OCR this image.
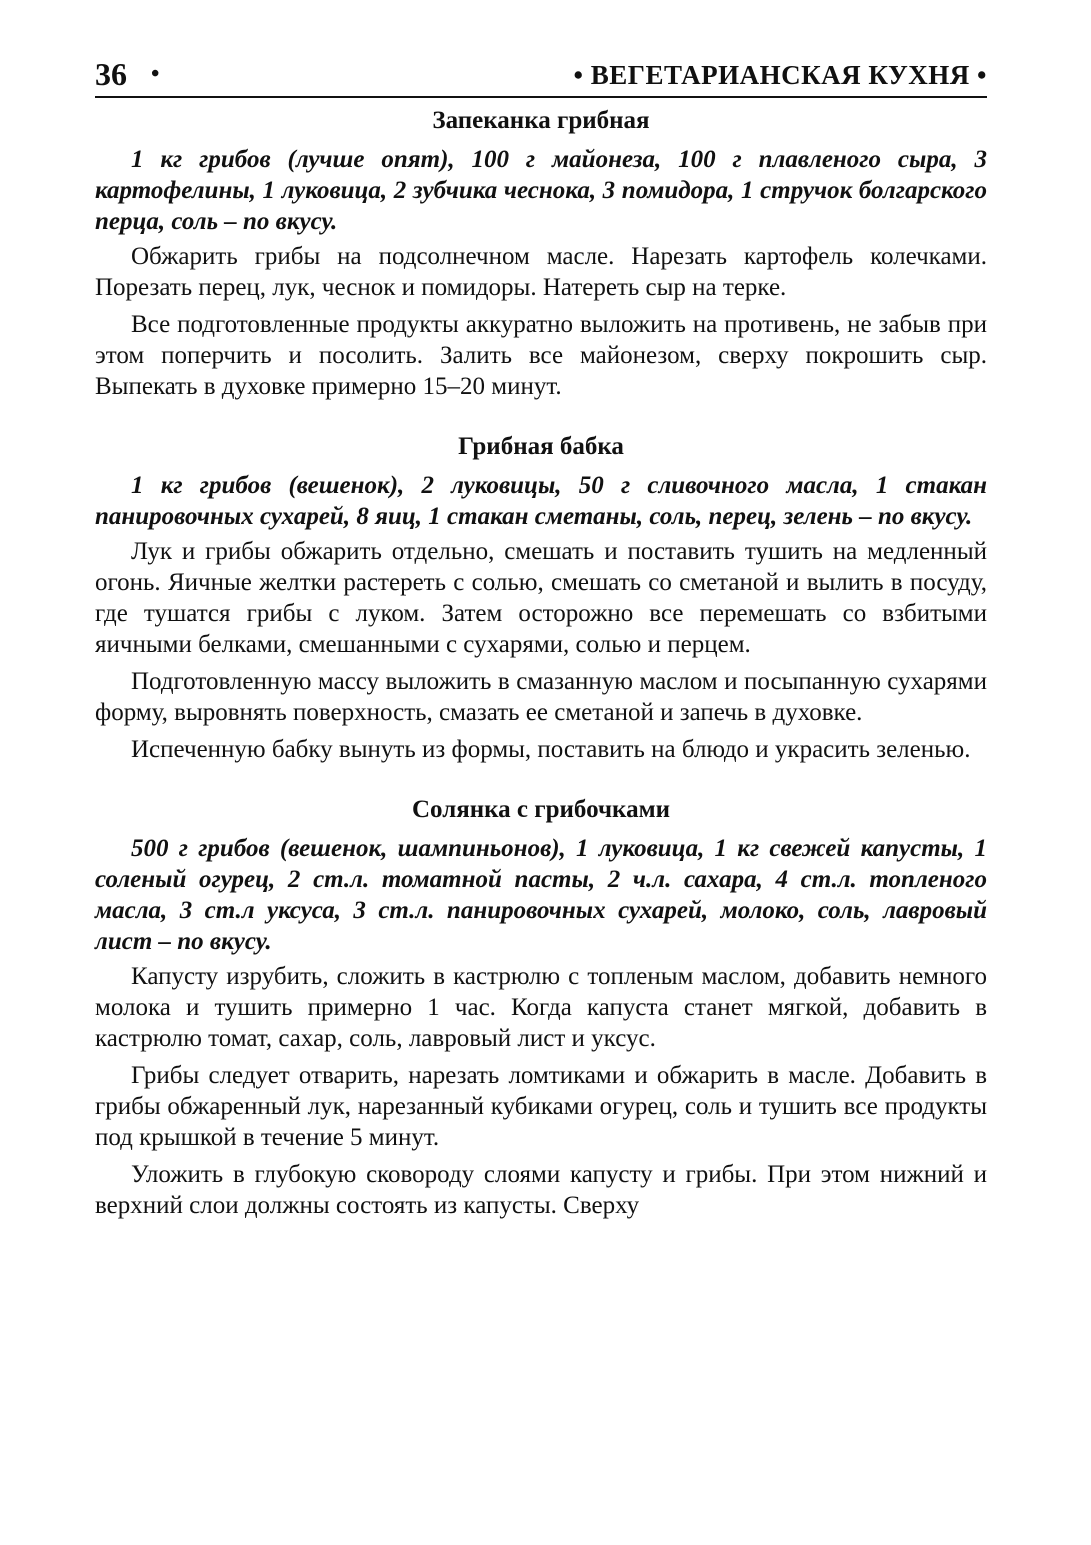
36 •	• ВЕГЕТАРИАНСКАЯ КУХНЯ •
Запеканка грибная

1 кг грибов (лучше опят), 100 г майонеза, 100 г плавленого сыра, 3 картофелины, 1 луковица, 2 зубчика чеснока, 3 помидора, 1 стручок болгарского перца, соль – по вкусу.

Обжарить грибы на подсолнечном масле. Нарезать картофель колечками. Порезать перец, лук, чеснок и помидоры. Натереть сыр на терке.

Все подготовленные продукты аккуратно выложить на противень, не забыв при этом поперчить и посолить. Залить все майонезом, сверху покрошить сыр. Выпекать в духовке примерно 15–20 минут.

Грибная бабка

1 кг грибов (вешенок), 2 луковицы, 50 г сливочного масла, 1 стакан панировочных сухарей, 8 яиц, 1 стакан сметаны, соль, перец, зелень – по вкусу.

Лук и грибы обжарить отдельно, смешать и поставить тушить на медленный огонь. Яичные желтки растереть с солью, смешать со сметаной и вылить в посуду, где тушатся грибы с луком. Затем осторожно все перемешать со взбитыми яичными белками, смешанными с сухарями, солью и перцем.

Подготовленную массу выложить в смазанную маслом и посыпанную сухарями форму, выровнять поверхность, смазать ее сметаной и запечь в духовке.

Испеченную бабку вынуть из формы, поставить на блюдо и украсить зеленью.

Солянка с грибочками

500 г грибов (вешенок, шампиньонов), 1 луковица, 1 кг свежей капусты, 1 соленый огурец, 2 ст.л. томатной пасты, 2 ч.л. сахара, 4 ст.л. топленого масла, 3 ст.л уксуса, 3 ст.л. панировочных сухарей, молоко, соль, лавровый лист – по вкусу.

Капусту изрубить, сложить в кастрюлю с топленым маслом, добавить немного молока и тушить примерно 1 час. Когда капуста станет мягкой, добавить в кастрюлю томат, сахар, соль, лавровый лист и уксус.

Грибы следует отварить, нарезать ломтиками и обжарить в масле. Добавить в грибы обжаренный лук, нарезанный кубиками огурец, соль и тушить все продукты под крышкой в течение 5 минут.

Уложить в глубокую сковороду слоями капусту и грибы. При этом нижний и верхний слои должны состоять из капусты. Сверху
